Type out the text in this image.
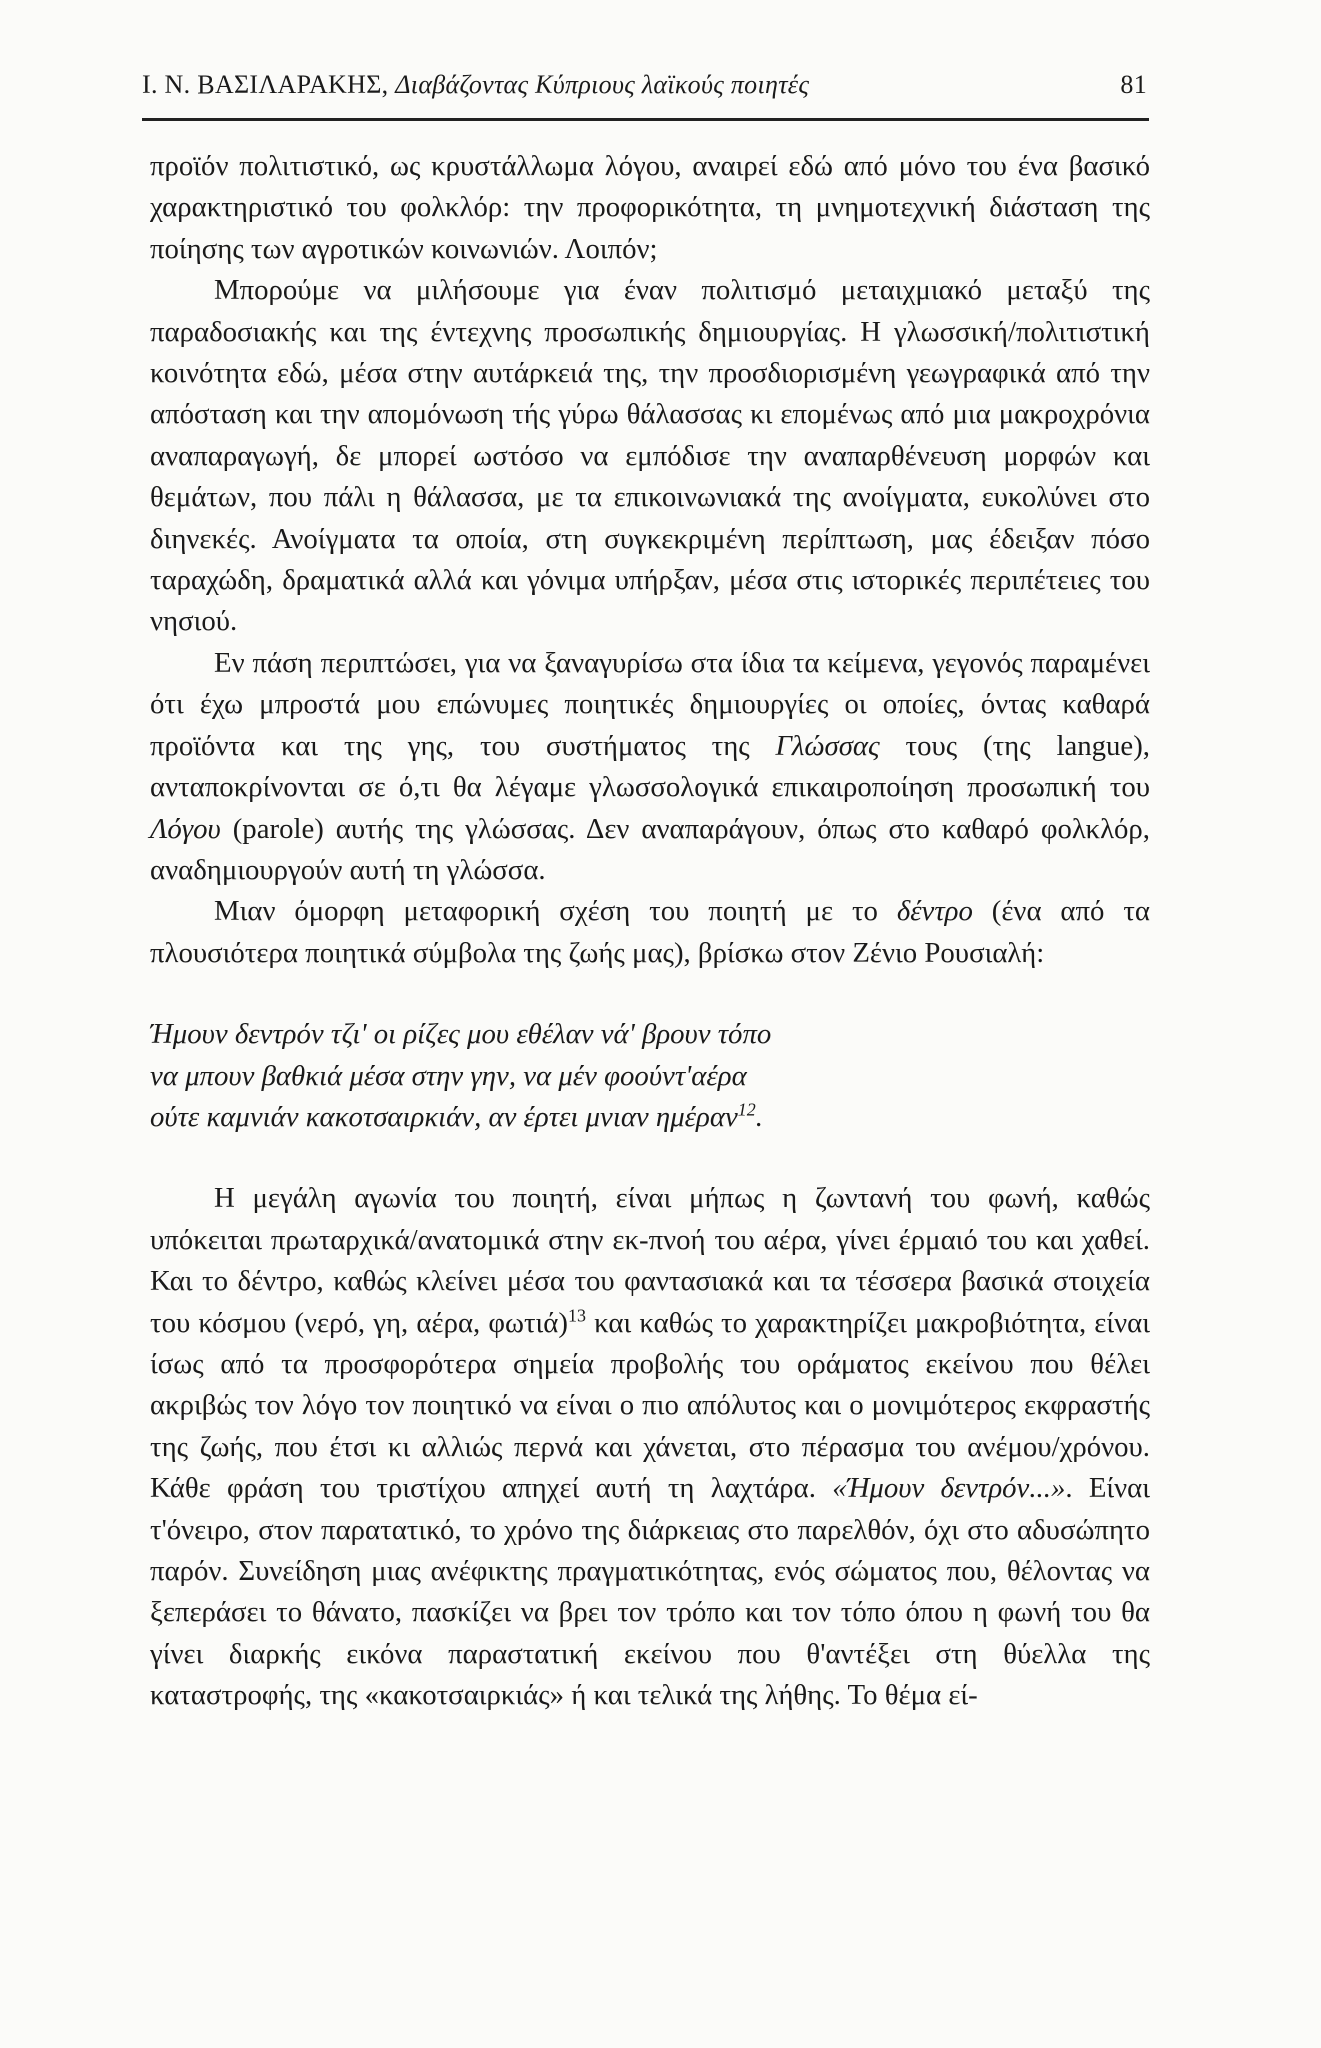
Ι. Ν. ΒΑΣΙΛΑΡΑΚΗΣ, Διαβάζοντας Κύπριους λαϊκούς ποιητές	81

προϊόν πολιτιστικό, ως κρυστάλλωμα λόγου, αναιρεί εδώ από μόνο του ένα βασικό χαρακτηριστικό του φολκλόρ: την προφορικότητα, τη μνημοτεχνική διάσταση της ποίησης των αγροτικών κοινωνιών. Λοιπόν;

Μπορούμε να μιλήσουμε για έναν πολιτισμό μεταιχμιακό μεταξύ της παραδοσιακής και της έντεχνης προσωπικής δημιουργίας. Η γλωσσική/πολιτιστική κοινότητα εδώ, μέσα στην αυτάρκειά της, την προσδιορισμένη γεωγραφικά από την απόσταση και την απομόνωση τής γύρω θάλασσας κι επομένως από μια μακροχρόνια αναπαραγωγή, δε μπορεί ωστόσο να εμπόδισε την αναπαρθένευση μορφών και θεμάτων, που πάλι η θάλασσα, με τα επικοινωνιακά της ανοίγματα, ευκολύνει στο διηνεκές. Ανοίγματα τα οποία, στη συγκεκριμένη περίπτωση, μας έδειξαν πόσο ταραχώδη, δραματικά αλλά και γόνιμα υπήρξαν, μέσα στις ιστορικές περιπέτειες του νησιού.

Εν πάση περιπτώσει, για να ξαναγυρίσω στα ίδια τα κείμενα, γεγονός παραμένει ότι έχω μπροστά μου επώνυμες ποιητικές δημιουργίες οι οποίες, όντας καθαρά προϊόντα και της γης, του συστήματος της Γλώσσας τους (της langue), ανταποκρίνονται σε ό,τι θα λέγαμε γλωσσολογικά επικαιροποίηση προσωπική του Λόγου (parole) αυτής της γλώσσας. Δεν αναπαράγουν, όπως στο καθαρό φολκλόρ, αναδημιουργούν αυτή τη γλώσσα.

Μιαν όμορφη μεταφορική σχέση του ποιητή με το δέντρο (ένα από τα πλουσιότερα ποιητικά σύμβολα της ζωής μας), βρίσκω στον Ζένιο Ρουσιαλή:

Ήμουν δεντρόν τζι' οι ρίζες μου εθέλαν νά' βρουν τόπο
να μπουν βαθκιά μέσα στην γην, να μέν φοούντ'αέρα
ούτε καμνιάν κακοτσαιρκιάν, αν έρτει μνιαν ημέραν$^{12}$.

Η μεγάλη αγωνία του ποιητή, είναι μήπως η ζωντανή του φωνή, καθώς υπόκειται πρωταρχικά/ανατομικά στην εκ-πνοή του αέρα, γίνει έρμαιό του και χαθεί. Και το δέντρο, καθώς κλείνει μέσα του φαντασιακά και τα τέσσερα βασικά στοιχεία του κόσμου (νερό, γη, αέρα, φωτιά)$^{13}$ και καθώς το χαρακτηρίζει μακροβιότητα, είναι ίσως από τα προσφορότερα σημεία προβολής του οράματος εκείνου που θέλει ακριβώς τον λόγο τον ποιητικό να είναι ο πιο απόλυτος και ο μονιμότερος εκφραστής της ζωής, που έτσι κι αλλιώς περνά και χάνεται, στο πέρασμα του ανέμου/χρόνου. Κάθε φράση του τριστίχου απηχεί αυτή τη λαχτάρα. «Ήμουν δεντρόν...». Είναι τ'όνειρο, στον παρατατικό, το χρόνο της διάρκειας στο παρελθόν, όχι στο αδυσώπητο παρόν. Συνείδηση μιας ανέφικτης πραγματικότητας, ενός σώματος που, θέλοντας να ξεπεράσει το θάνατο, πασκίζει να βρει τον τρόπο και τον τόπο όπου η φωνή του θα γίνει διαρκής εικόνα παραστατική εκείνου που θ'αντέξει στη θύελλα της καταστροφής, της «κακοτσαιρκιάς» ή και τελικά της λήθης. Το θέμα εί-
